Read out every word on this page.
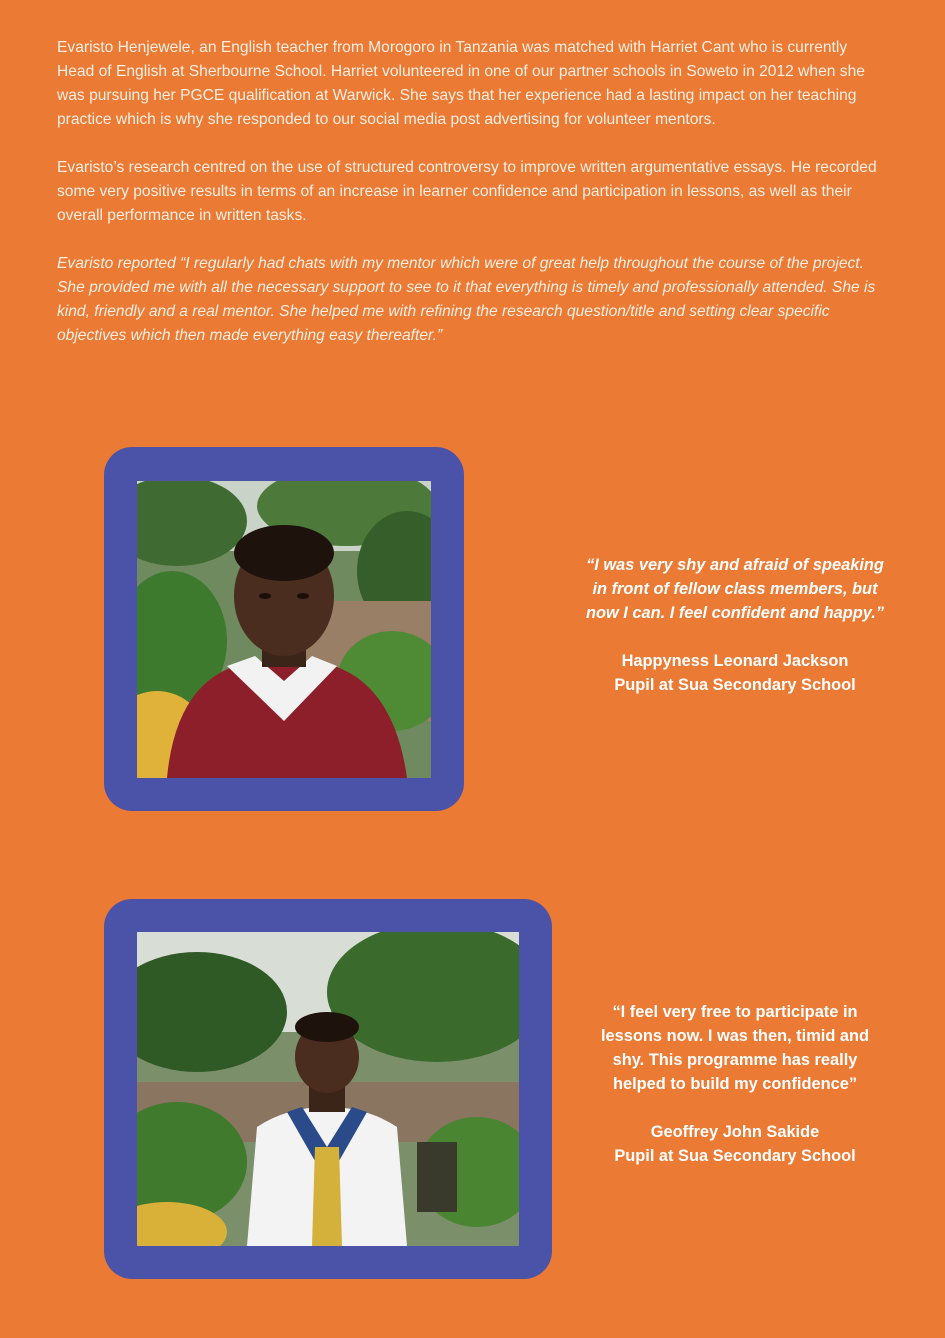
Evaristo Henjewele, an English teacher from Morogoro in Tanzania was matched with Harriet Cant who is currently Head of English at Sherbourne School. Harriet volunteered in one of our partner schools in Soweto in 2012 when she was pursuing her PGCE qualification at Warwick. She says that her experience had a lasting impact on her teaching practice which is why she responded to our social media post advertising for volunteer mentors.

Evaristo’s research centred on the use of structured controversy to improve written argumentative essays. He recorded some very positive results in terms of an increase in learner confidence and participation in lessons, as well as their overall performance in written tasks.

Evaristo reported “I regularly had chats with my mentor which were of great help throughout the course of the project. She provided me with all the necessary support to see to it that everything is timely and professionally attended. She is kind, friendly and a real mentor. She helped me with refining the research question/title and setting clear specific objectives which then made everything easy thereafter.”

“I was very shy and afraid of speaking in front of fellow class members, but now I can. I feel confident and happy.”

Happyness Leonard Jackson

Pupil at Sua Secondary School

“I feel very free to participate in lessons now. I was then, timid and shy. This programme has really helped to build my confidence”

Geoffrey John Sakide

Pupil at Sua Secondary School
